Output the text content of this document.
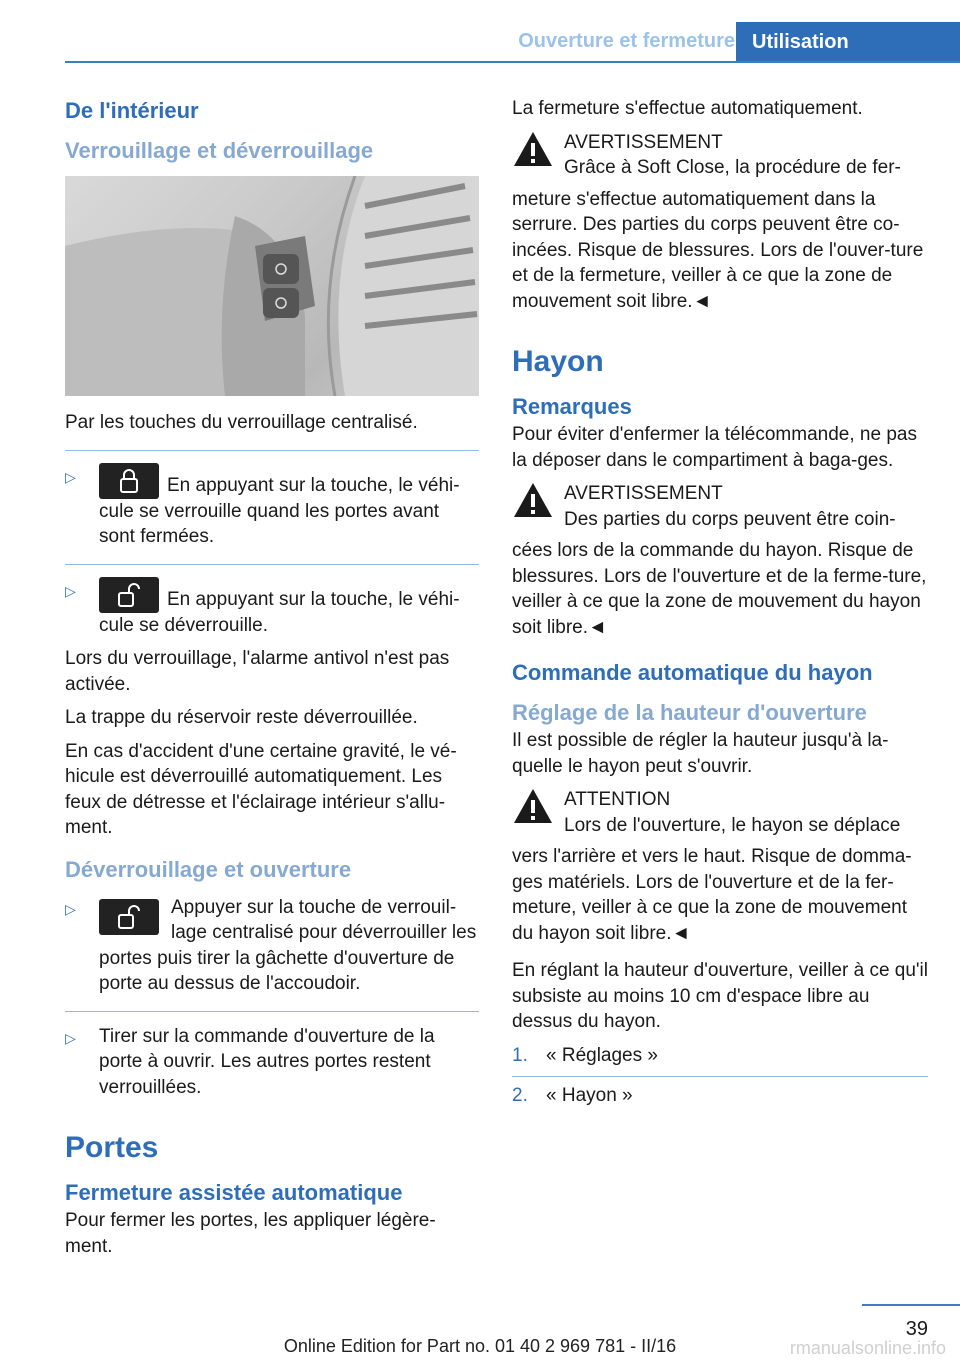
Ouverture et fermeture Utilisation
De l'intérieur
Verrouillage et déverrouillage

Par les touches du verrouillage centralisé.

▷	En appuyant sur la touche, le véhi-cule se verrouille quand les portes avant sont fermées.
▷	En appuyant sur la touche, le véhi-cule se déverrouille.

Lors du verrouillage, l'alarme antivol n'est pas activée.

La trappe du réservoir reste déverrouillée.

En cas d'accident d'une certaine gravité, le vé-hicule est déverrouillé automatiquement. Les feux de détresse et l'éclairage intérieur s'allu-ment.

Déverrouillage et ouverture
▷	Appuyer sur la touche de verrouil-lage centralisé pour déverrouiller les portes puis tirer la gâchette d'ouverture de porte au dessus de l'accoudoir.
▷	Tirer sur la commande d'ouverture de la porte à ouvrir. Les autres portes restent verrouillées.
Portes
Fermeture assistée automatique

Pour fermer les portes, les appliquer légère-ment.

La fermeture s'effectue automatiquement.

AVERTISSEMENT
Grâce à Soft Close, la procédure de fer-
meture s'effectue automatiquement dans la serrure. Des parties du corps peuvent être co-incées. Risque de blessures. Lors de l'ouver-ture et de la fermeture, veiller à ce que la zone de mouvement soit libre.◄
Hayon
Remarques

Pour éviter d'enfermer la télécommande, ne pas la déposer dans le compartiment à baga-ges.

AVERTISSEMENT
Des parties du corps peuvent être coin-
cées lors de la commande du hayon. Risque de blessures. Lors de l'ouverture et de la ferme-ture, veiller à ce que la zone de mouvement du hayon soit libre.◄
Commande automatique du hayon
Réglage de la hauteur d'ouverture

Il est possible de régler la hauteur jusqu'à la-quelle le hayon peut s'ouvrir.

ATTENTION
Lors de l'ouverture, le hayon se déplace
vers l'arrière et vers le haut. Risque de domma-ges matériels. Lors de l'ouverture et de la fer-meture, veiller à ce que la zone de mouvement du hayon soit libre.◄

En réglant la hauteur d'ouverture, veiller à ce qu'il subsiste au moins 10 cm d'espace libre au dessus du hayon.

1. « Réglages »
2. « Hayon »
39
Online Edition for Part no. 01 40 2 969 781 - II/16	rmanualsonline.info
